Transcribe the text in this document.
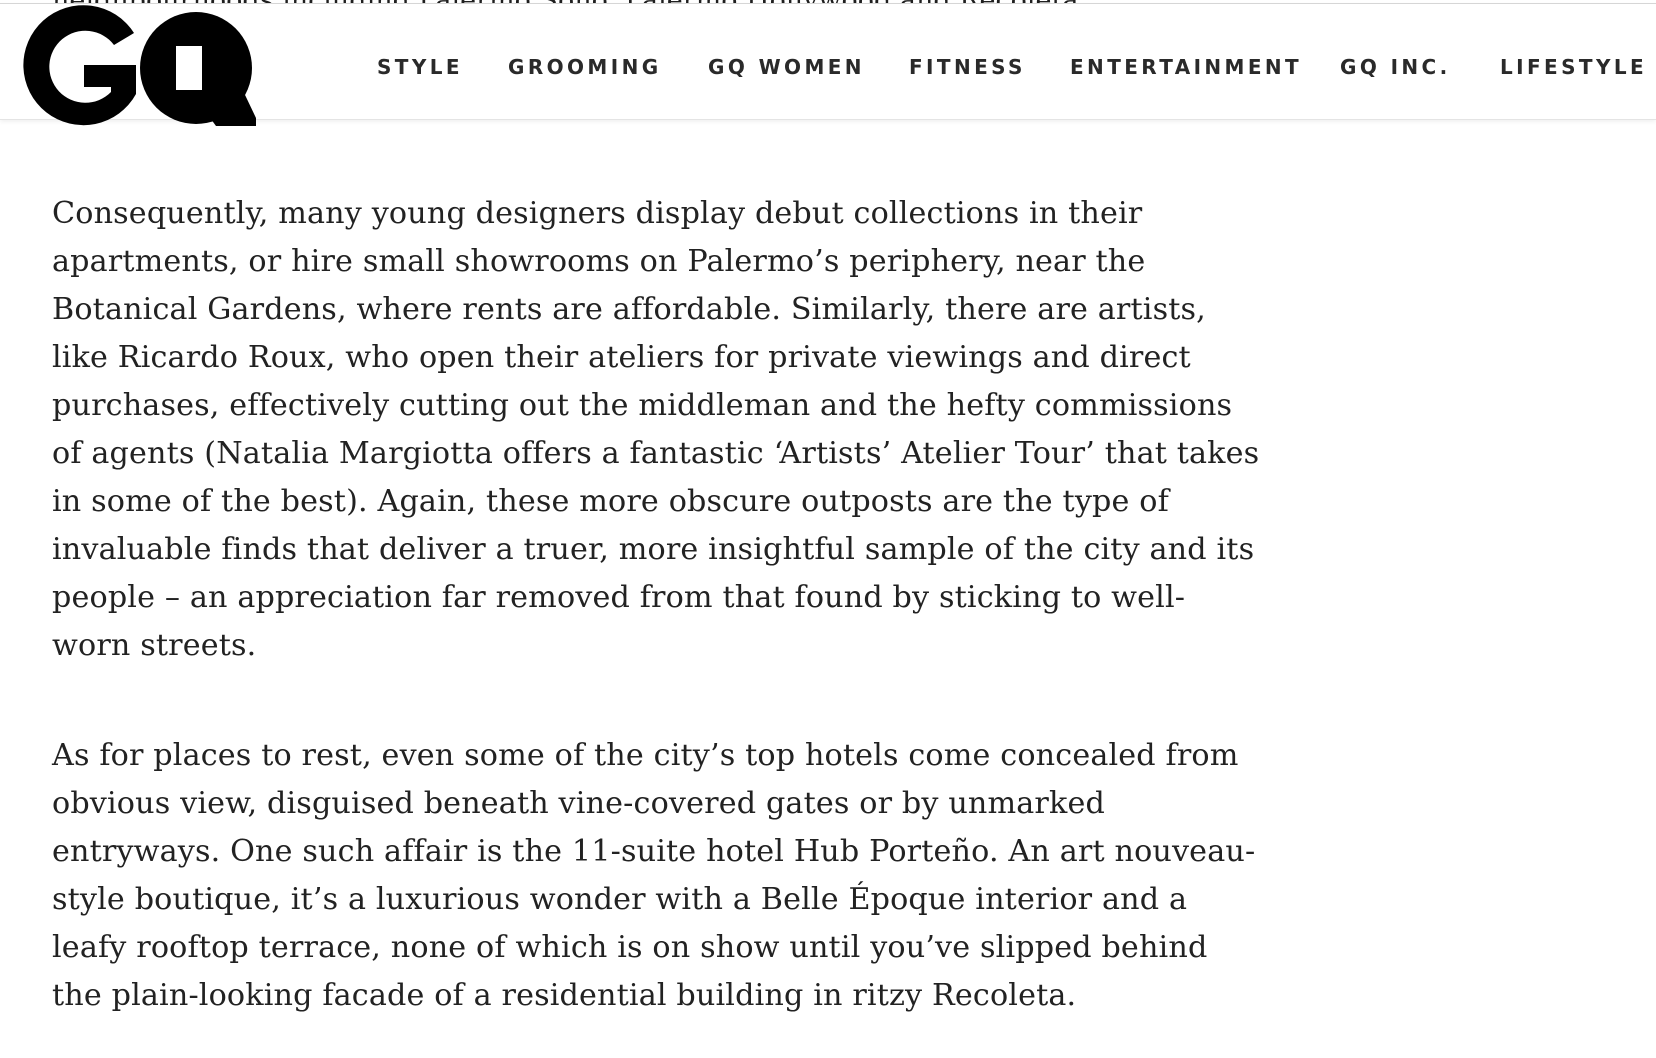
AUSTRALIA	STYLE GROOMING GQ WOMEN FITNESS ENTERTAINMENT GQ INC. LIFESTYLE

Consequently, many young designers display debut collections in their apartments, or hire small showrooms on Palermo’s periphery, near the Botanical Gardens, where rents are affordable. Similarly, there are artists, like Ricardo Roux, who open their ateliers for private viewings and direct purchases, effectively cutting out the middleman and the hefty commissions of agents (Natalia Margiotta offers a fantastic ‘Artists’ Atelier Tour’ that takes in some of the best). Again, these more obscure outposts are the type of invaluable finds that deliver a truer, more insightful sample of the city and its people – an appreciation far removed from that found by sticking to well-worn streets.

As for places to rest, even some of the city’s top hotels come concealed from obvious view, disguised beneath vine-covered gates or by unmarked entryways. One such affair is the 11-suite hotel Hub Porteño. An art nouveau-style boutique, it’s a luxurious wonder with a Belle Époque interior and a leafy rooftop terrace, none of which is on show until you’ve slipped behind the plain-looking facade of a residential building in ritzy Recoleta.
